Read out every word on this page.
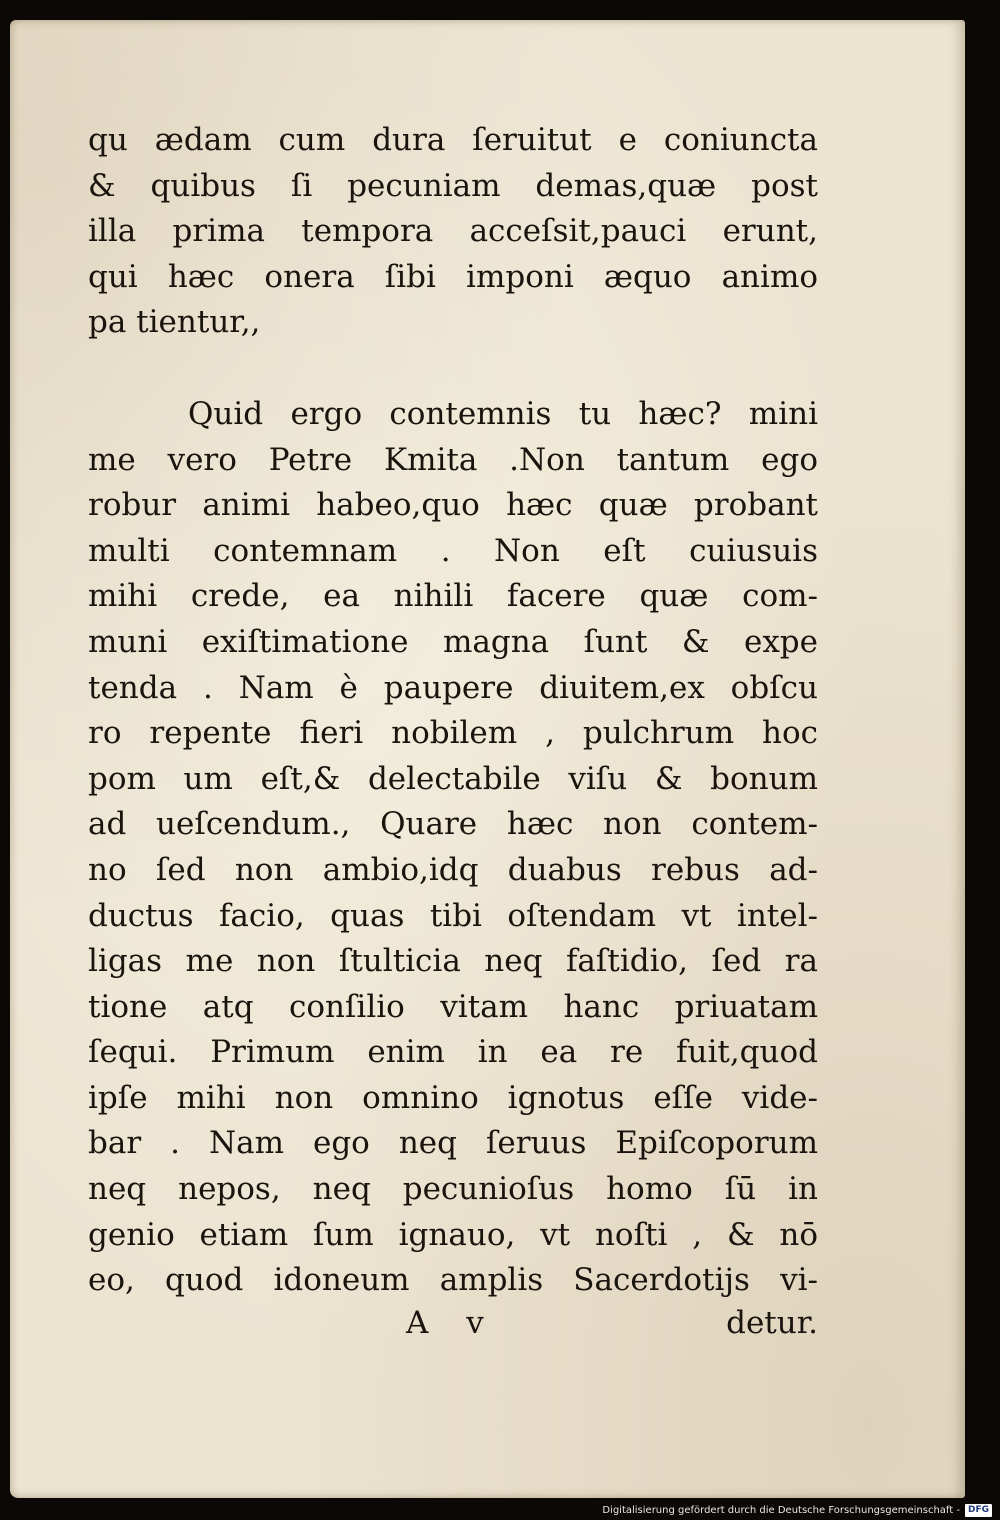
qu ædam cum dura ſeruitut e coniuncta
& quibus ſi pecuniam demas,quæ post
illa prima tempora acceſsit,pauci erunt,
qui hæc onera ſibi imponi æquo animo
pa tientur,,
Quid ergo contemnis tu hæc? mini
me vero Petre Kmita .Non tantum ego
robur animi habeo,quo hæc quæ probant
multi contemnam . Non eſt cuiusuis
mihi crede, ea nihili facere quæ com-
muni exiſtimatione magna ſunt & expe
tenda . Nam è paupere diuitem,ex obſcu
ro repente fieri nobilem , pulchrum hoc
pom um eſt,& delectabile viſu & bonum
ad ueſcendum., Quare hæc non contem-
no ſed non ambio,idq duabus rebus ad-
ductus facio, quas tibi oſtendam vt intel-
ligas me non ſtulticia neq faſtidio, ſed ra
tione atq conſilio vitam hanc priuatam
ſequi. Primum enim in ea re fuit,quod
ipſe mihi non omnino ignotus eſſe vide-
bar . Nam ego neq ſeruus Epiſcoporum
neq nepos, neq pecunioſus homo ſū in
genio etiam ſum ignauo, vt noſti , & nō
eo, quod idoneum amplis Sacerdotijs vi-
A v	detur.
Digitalisierung gefördert durch die Deutsche Forschungsgemeinschaft - DFG
